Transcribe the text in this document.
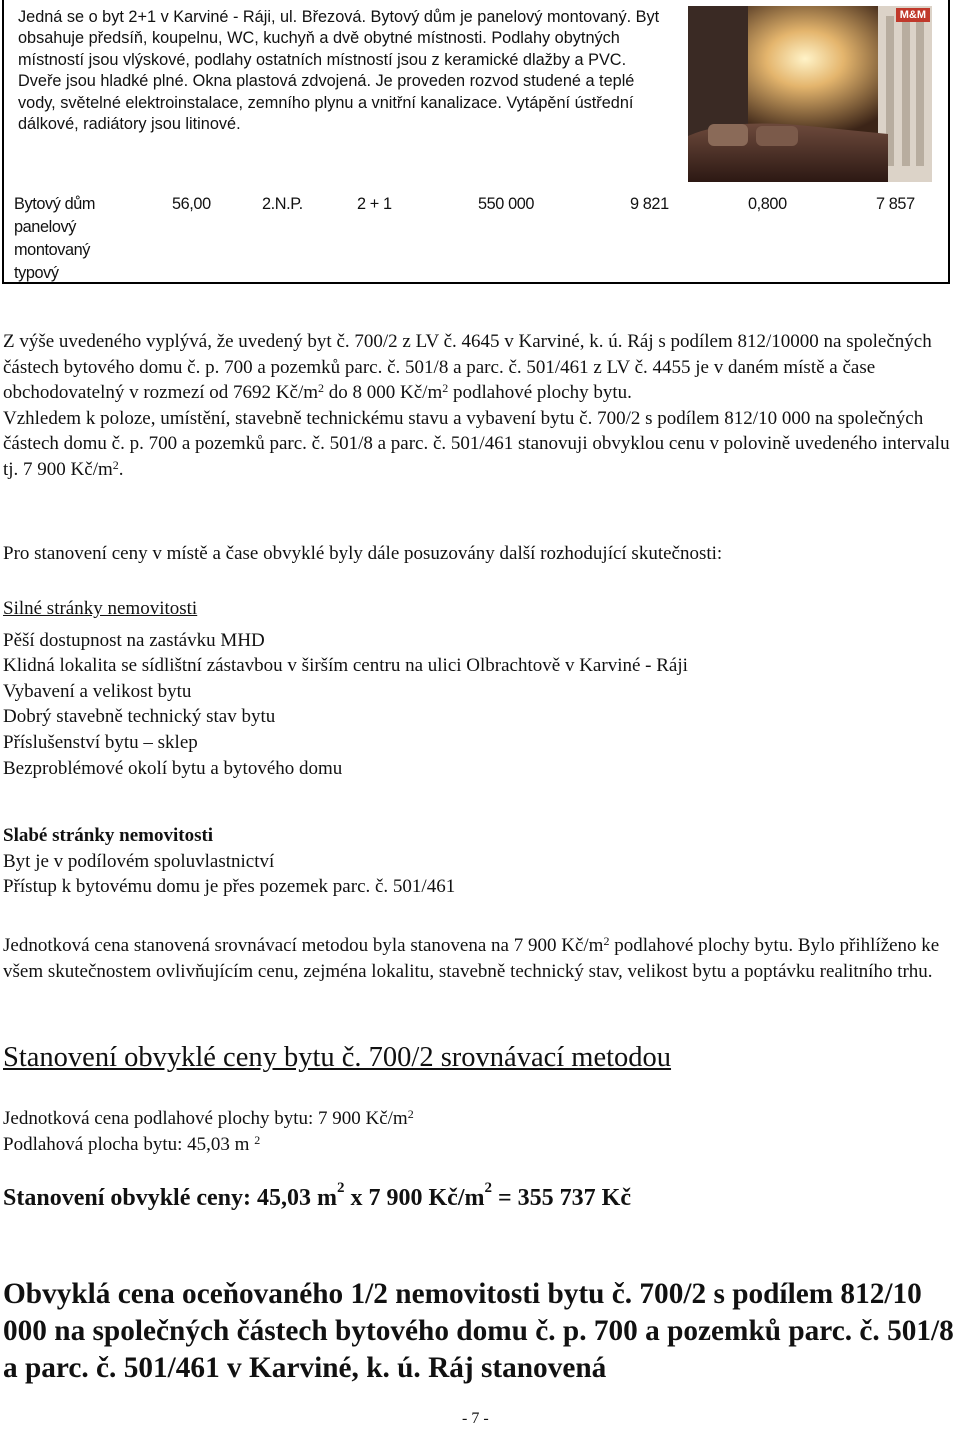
Jedná se o byt 2+1 v Karviné - Ráji, ul. Březová. Bytový dům je panelový montovaný. Byt obsahuje předsíň, koupelnu, WC, kuchyň a dvě obytné místnosti. Podlahy obytných místností jsou vlýskové, podlahy ostatních místností jsou z keramické dlažby a PVC. Dveře jsou hladké plné. Okna plastová zdvojená. Je proveden rozvod studené a teplé vody, světelné elektroinstalace, zemního plynu a vnitřní kanalizace. Vytápění ústřední dálkové, radiátory jsou litinové.

M&M
Bytový dům
panelový
montovaný
typový
56,00	2.N.P.	2 + 1	550 000	9 821	0,800	7 857

Z výše uvedeného vyplývá, že uvedený byt č. 700/2 z LV č. 4645 v Karviné, k. ú. Ráj s podílem 812/10000 na společných částech bytového domu č. p. 700 a pozemků parc. č. 501/8 a parc. č. 501/461 z LV č. 4455 je v daném místě a čase obchodovatelný v rozmezí od 7692 $Kč/m^2$ do 8 000 $Kč/m^2$ podlahové plochy bytu.

Vzhledem k poloze, umístění, stavebně technickému stavu a vybavení bytu č. 700/2 s podílem 812/10 000 na společných částech domu č. p. 700 a pozemků parc. č. 501/8 a parc. č. 501/461 stanovuji obvyklou cenu v polovině uvedeného intervalu tj. 7 900 $Kč/m^2$.

Pro stanovení ceny v místě a čase obvyklé byly dále posuzovány další rozhodující skutečnosti:

Silné stránky nemovitosti

Pěší dostupnost na zastávku MHD

Klidná lokalita se sídlištní zástavbou v širším centru na ulici Olbrachtově v Karviné - Ráji

Vybavení a velikost bytu

Dobrý stavebně technický stav bytu

Příslušenství bytu – sklep

Bezproblémové okolí bytu a bytového domu

Slabé stránky nemovitosti

Byt je v podílovém spoluvlastnictví

Přístup k bytovému domu je přes pozemek parc. č. 501/461

Jednotková cena stanovená srovnávací metodou byla stanovena na 7 900 $Kč/m^2$ podlahové plochy bytu. Bylo přihlíženo ke všem skutečnostem ovlivňujícím cenu, zejména lokalitu, stavebně technický stav, velikost bytu a poptávku realitního trhu.

Stanovení obvyklé ceny bytu č. 700/2 srovnávací metodou

Jednotková cena podlahové plochy bytu: 7 900 $Kč/m^2$

Podlahová plocha bytu: 45,03 m $^2$

Stanovení obvyklé ceny: 45,03 $m^2$ x 7 900 $Kč/m^2 = 355$ 737 Kč
Obvyklá cena oceňovaného 1/2 nemovitosti bytu č. 700/2 s podílem 812/10 000 na společných částech bytového domu č. p. 700 a pozemků parc. č. 501/8 a parc. č. 501/461 v Karviné, k. ú. Ráj stanovená
- 7 -
